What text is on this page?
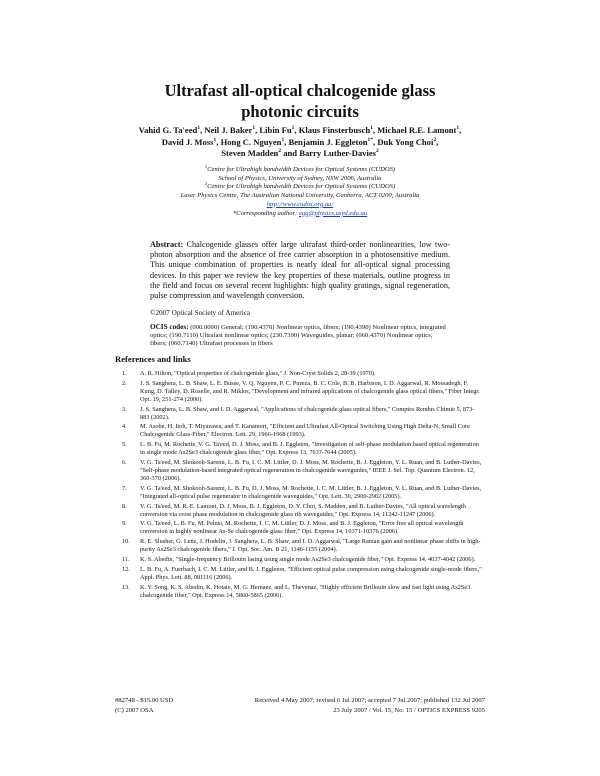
Ultrafast all-optical chalcogenide glass
photonic circuits
Vahid G. Ta'eed$^1$, Neil J. Baker$^1$, Libin Fu$^1$, Klaus Finsterbusch$^1$, Michael R.E. Lamont$^1$,
David J. Moss$^1$, Hong C. Nguyen$^1$, Benjamin J. Eggleton$^{1*}$, Duk Yong Choi$^2$,
Steven Madden$^2$ and Barry Luther-Davies$^2$
$^1$Centre for Ultrahigh bandwidth Devices for Optical Systems (CUDOS)
School of Physics, University of Sydney, NSW 2006, Australia
$^2$Centre for Ultrahigh bandwidth Devices for Optical Systems (CUDOS)
Laser Physics Centre, The Australian National University, Canberra, ACT 0200, Australia
http://www.cudos.org.au/
*Corresponding author: egg@physics.usyd.edu.au
Abstract: Chalcogenide glasses offer large ultrafast third-order nonlinearities, low two-photon absorption and the absence of free carrier absorption in a photosensitive medium. This unique combination of properties is nearly ideal for all-optical signal processing devices. In this paper we review the key properties of these materials, outline progress in the field and focus on several recent highlights: high quality gratings, signal regeneration, pulse compression and wavelength conversion.
©2007 Optical Society of America
OCIS codes: (000.0000) General; (190.4370) Nonlinear optics, fibers; (190.4390) Nonlinear optics, integrated optics; (190.7110) Ultrafast nonlinear optics; (230.7390) Waveguides, planar; (060.4370) Nonlinear optics, fibers; (060.7140) Ultrafast processes in fibers
References and links
1.	A. R. Hilton, "Optical properties of chalcogenide glass," J. Non-Cryst Solids 2, 28-39 (1970).
2.	J. S. Sanghera, L. B. Shaw, L. E. Busse, V. Q. Nguyen, P. C. Pureza, B. C. Cole, B. B. Harbison, I. D. Aggarwal, R. Mossadegh, F. Kung, D. Talley, D. Roselle, and R. Miklos, "Development and infrared applications of chalcogenide glass optical fibers," Fiber Integr. Opt. 19, 251-274 (2000).
3.	J. S. Sanghera, L. B. Shaw, and I. D. Aggarwal, "Applications of chalcogenide glass optical fibers," Comptes Rendus Chimie 5, 873-883 (2002).
4.	M. Asobe, H. Itoh, T. Miyazawa, and T. Kanamori, "Efficient and Ultrafast All-Optical Switching Using High Delta-N, Small Core Chalcogenide Glass-Fiber," Electron. Lett. 29, 1966-1968 (1993).
5.	L. B. Fu, M. Rochette, V. G. Ta'eed, D. J. Moss, and B. J. Eggleton, "Investigation of self-phase modulation based optical regeneration in single mode As2Se3 chalcogenide glass fiber," Opt. Express 13, 7637-7644 (2005).
6.	V. G. Ta'eed, M. Shokooh-Saremi, L. B. Fu, I. C. M. Littler, D. J. Moss, M. Rochette, B. J. Eggleton, Y. L. Ruan, and B. Luther-Davies, "Self-phase modulation-based integrated optical regeneration in chalcogenide waveguides," IEEE J. Sel. Top. Quantum Electron. 12, 360-370 (2006).
7.	V. G. Ta'eed, M. Shokooh-Saremi, L. B. Fu, D. J. Moss, M. Rochette, I. C. M. Littler, B. J. Eggleton, Y. L. Ruan, and B. Luther-Davies, "Integrated all-optical pulse regenerator in chalcogenide waveguides," Opt. Lett. 30, 2900-2902 (2005).
8.	V. G. Ta'eed, M. R. E. Lamont, D. J. Moss, B. J. Eggleton, D. Y. Choi, S. Madden, and B. Luther-Davies, "All optical wavelength conversion via cross phase modulation in chalcogenide glass rib waveguides," Opt. Express 14, 11242-11247 (2006).
9.	V. G. Ta'eed, L. B. Fu, M. Pelusi, M. Rochette, I. C. M. Littler, D. J. Moss, and B. J. Eggleton, "Error free all optical wavelength conversion in highly nonlinear As-Se chalcogenide glass fiber," Opt. Express 14, 10371-10376 (2006).
10.	R. E. Slusher, G. Lenz, J. Hodelin, J. Sanghera, L. B. Shaw, and I. D. Aggarwal, "Large Raman gain and nonlinear phase shifts in high-purity As2Se3 chalcogenide fibers," J. Opt. Soc. Am. B 21, 1146-1155 (2004).
11.	K. S. Abedin, "Single-frequency Brillouin lasing using single mode As2Se3 chalcogenide fiber," Opt. Express 14, 4037-4042 (2006).
12.	L. B. Fu, A. Fuerbach, I. C. M. Littler, and B. J. Eggleton, "Efficient optical pulse compression using chalcogenide single-mode fibers," Appl. Phys. Lett. 88, 081116 (2006).
13.	K. Y. Song, K. S. Abedin, K. Hotate, M. G. Hernaez, and L. Thevenaz, "Highly efficient Brillouin slow and fast light using As2Se3 chalcogenide fiber," Opt. Express 14, 5860-5865 (2006).
#82748 - $15.00 USD
(C) 2007 OSA
Received 4 May 2007; revised 6 Jul 2007; accepted 7 Jul 2007; published 132 Jul 2007
23 July 2007 / Vol. 15, No. 15 / OPTICS EXPRESS 9205
